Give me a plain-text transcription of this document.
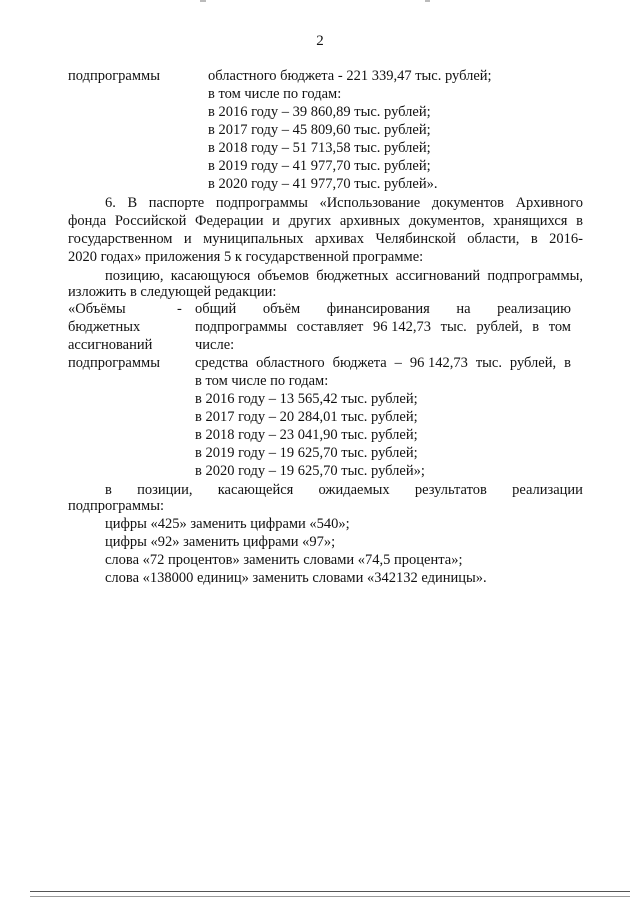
2
подпрограммы	областного бюджета - 221 339,47 тыс. рублей;
в том числе по годам:
в 2016 году – 39 860,89 тыс. рублей;
в 2017 году – 45 809,60 тыс. рублей;
в 2018 году – 51 713,58 тыс. рублей;
в 2019 году – 41 977,70 тыс. рублей;
в 2020 году – 41 977,70 тыс. рублей».
6. В паспорте подпрограммы «Использование документов Архивного
фонда Российской Федерации и других архивных документов, хранящихся в
государственном и муниципальных архивах Челябинской области, в 2016-
2020 годах» приложения 5 к государственной программе:
позицию, касающуюся объемов бюджетных ассигнований подпрограммы,
изложить в следующей редакции:
«Объёмы
бюджетных
ассигнований
подпрограммы
- общий объём финансирования на реализацию
подпрограммы составляет 96 142,73 тыс. рублей, в том
числе:
средства областного бюджета – 96 142,73 тыс. рублей, в
в том числе по годам:
в 2016 году – 13 565,42 тыс. рублей;
в 2017 году – 20 284,01 тыс. рублей;
в 2018 году – 23 041,90 тыс. рублей;
в 2019 году – 19 625,70 тыс. рублей;
в 2020 году – 19 625,70 тыс. рублей»;
в позиции, касающейся ожидаемых результатов реализации
подпрограммы:
цифры «425» заменить цифрами «540»;
цифры «92» заменить цифрами «97»;
слова «72 процентов» заменить словами «74,5 процента»;
слова «138000 единиц» заменить словами «342132 единицы».
